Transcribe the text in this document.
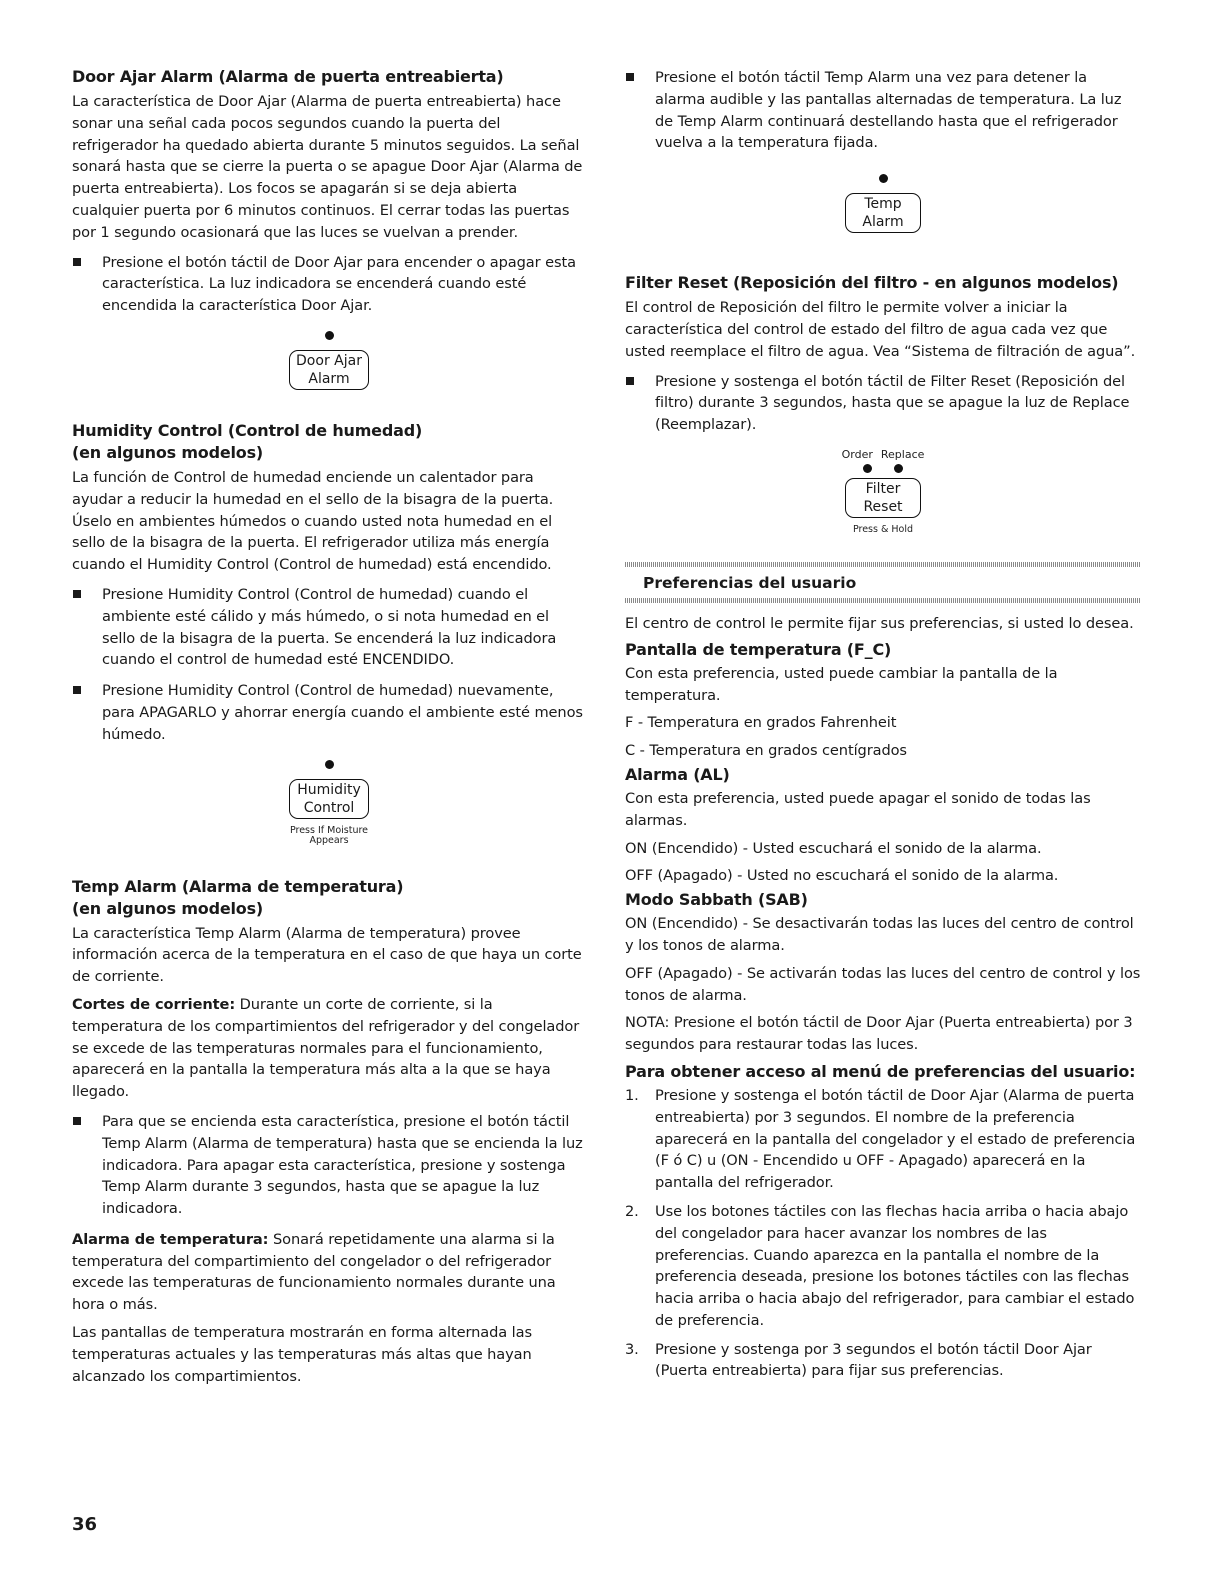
Door Ajar Alarm (Alarma de puerta entreabierta)

La característica de Door Ajar (Alarma de puerta entreabierta) hace sonar una señal cada pocos segundos cuando la puerta del refrigerador ha quedado abierta durante 5 minutos seguidos. La señal sonará hasta que se cierre la puerta o se apague Door Ajar (Alarma de puerta entreabierta). Los focos se apagarán si se deja abierta cualquier puerta por 6 minutos continuos. El cerrar todas las puertas por 1 segundo ocasionará que las luces se vuelvan a prender.

Presione el botón táctil de Door Ajar para encender o apagar esta característica. La luz indicadora se encenderá cuando esté encendida la característica Door Ajar.
Door Ajar
Alarm
Humidity Control (Control de humedad)
(en algunos modelos)

La función de Control de humedad enciende un calentador para ayudar a reducir la humedad en el sello de la bisagra de la puerta. Úselo en ambientes húmedos o cuando usted nota humedad en el sello de la bisagra de la puerta. El refrigerador utiliza más energía cuando el Humidity Control (Control de humedad) está encendido.

Presione Humidity Control (Control de humedad) cuando el ambiente esté cálido y más húmedo, o si nota humedad en el sello de la bisagra de la puerta. Se encenderá la luz indicadora cuando el control de humedad esté ENCENDIDO.
Presione Humidity Control (Control de humedad) nuevamente, para APAGARLO y ahorrar energía cuando el ambiente esté menos húmedo.
Humidity
Control
Press If Moisture
Appears
Temp Alarm (Alarma de temperatura)
(en algunos modelos)

La característica Temp Alarm (Alarma de temperatura) provee información acerca de la temperatura en el caso de que haya un corte de corriente.

Cortes de corriente: Durante un corte de corriente, si la temperatura de los compartimientos del refrigerador y del congelador se excede de las temperaturas normales para el funcionamiento, aparecerá en la pantalla la temperatura más alta a la que se haya llegado.

Para que se encienda esta característica, presione el botón táctil Temp Alarm (Alarma de temperatura) hasta que se encienda la luz indicadora. Para apagar esta característica, presione y sostenga Temp Alarm durante 3 segundos, hasta que se apague la luz indicadora.

Alarma de temperatura: Sonará repetidamente una alarma si la temperatura del compartimiento del congelador o del refrigerador excede las temperaturas de funcionamiento normales durante una hora o más.

Las pantallas de temperatura mostrarán en forma alternada las temperaturas actuales y las temperaturas más altas que hayan alcanzado los compartimientos.

Presione el botón táctil Temp Alarm una vez para detener la alarma audible y las pantallas alternadas de temperatura. La luz de Temp Alarm continuará destellando hasta que el refrigerador vuelva a la temperatura fijada.
Temp
Alarm
Filter Reset (Reposición del filtro - en algunos modelos)

El control de Reposición del filtro le permite volver a iniciar la característica del control de estado del filtro de agua cada vez que usted reemplace el filtro de agua. Vea “Sistema de filtración de agua”.

Presione y sostenga el botón táctil de Filter Reset (Reposición del filtro) durante 3 segundos, hasta que se apague la luz de Replace (Reemplazar).
Order Replace
Filter
Reset
Press & Hold
Preferencias del usuario

El centro de control le permite fijar sus preferencias, si usted lo desea.

Pantalla de temperatura (F_C)

Con esta preferencia, usted puede cambiar la pantalla de la temperatura.

F - Temperatura en grados Fahrenheit

C - Temperatura en grados centígrados

Alarma (AL)

Con esta preferencia, usted puede apagar el sonido de todas las alarmas.

ON (Encendido) - Usted escuchará el sonido de la alarma.

OFF (Apagado) - Usted no escuchará el sonido de la alarma.

Modo Sabbath (SAB)

ON (Encendido) - Se desactivarán todas las luces del centro de control y los tonos de alarma.

OFF (Apagado) - Se activarán todas las luces del centro de control y los tonos de alarma.

NOTA: Presione el botón táctil de Door Ajar (Puerta entreabierta) por 3 segundos para restaurar todas las luces.

Para obtener acceso al menú de preferencias del usuario:
1. Presione y sostenga el botón táctil de Door Ajar (Alarma de puerta entreabierta) por 3 segundos. El nombre de la preferencia aparecerá en la pantalla del congelador y el estado de preferencia (F ó C) u (ON - Encendido u OFF - Apagado) aparecerá en la pantalla del refrigerador.
2. Use los botones táctiles con las flechas hacia arriba o hacia abajo del congelador para hacer avanzar los nombres de las preferencias. Cuando aparezca en la pantalla el nombre de la preferencia deseada, presione los botones táctiles con las flechas hacia arriba o hacia abajo del refrigerador, para cambiar el estado de preferencia.
3. Presione y sostenga por 3 segundos el botón táctil Door Ajar (Puerta entreabierta) para fijar sus preferencias.
36
